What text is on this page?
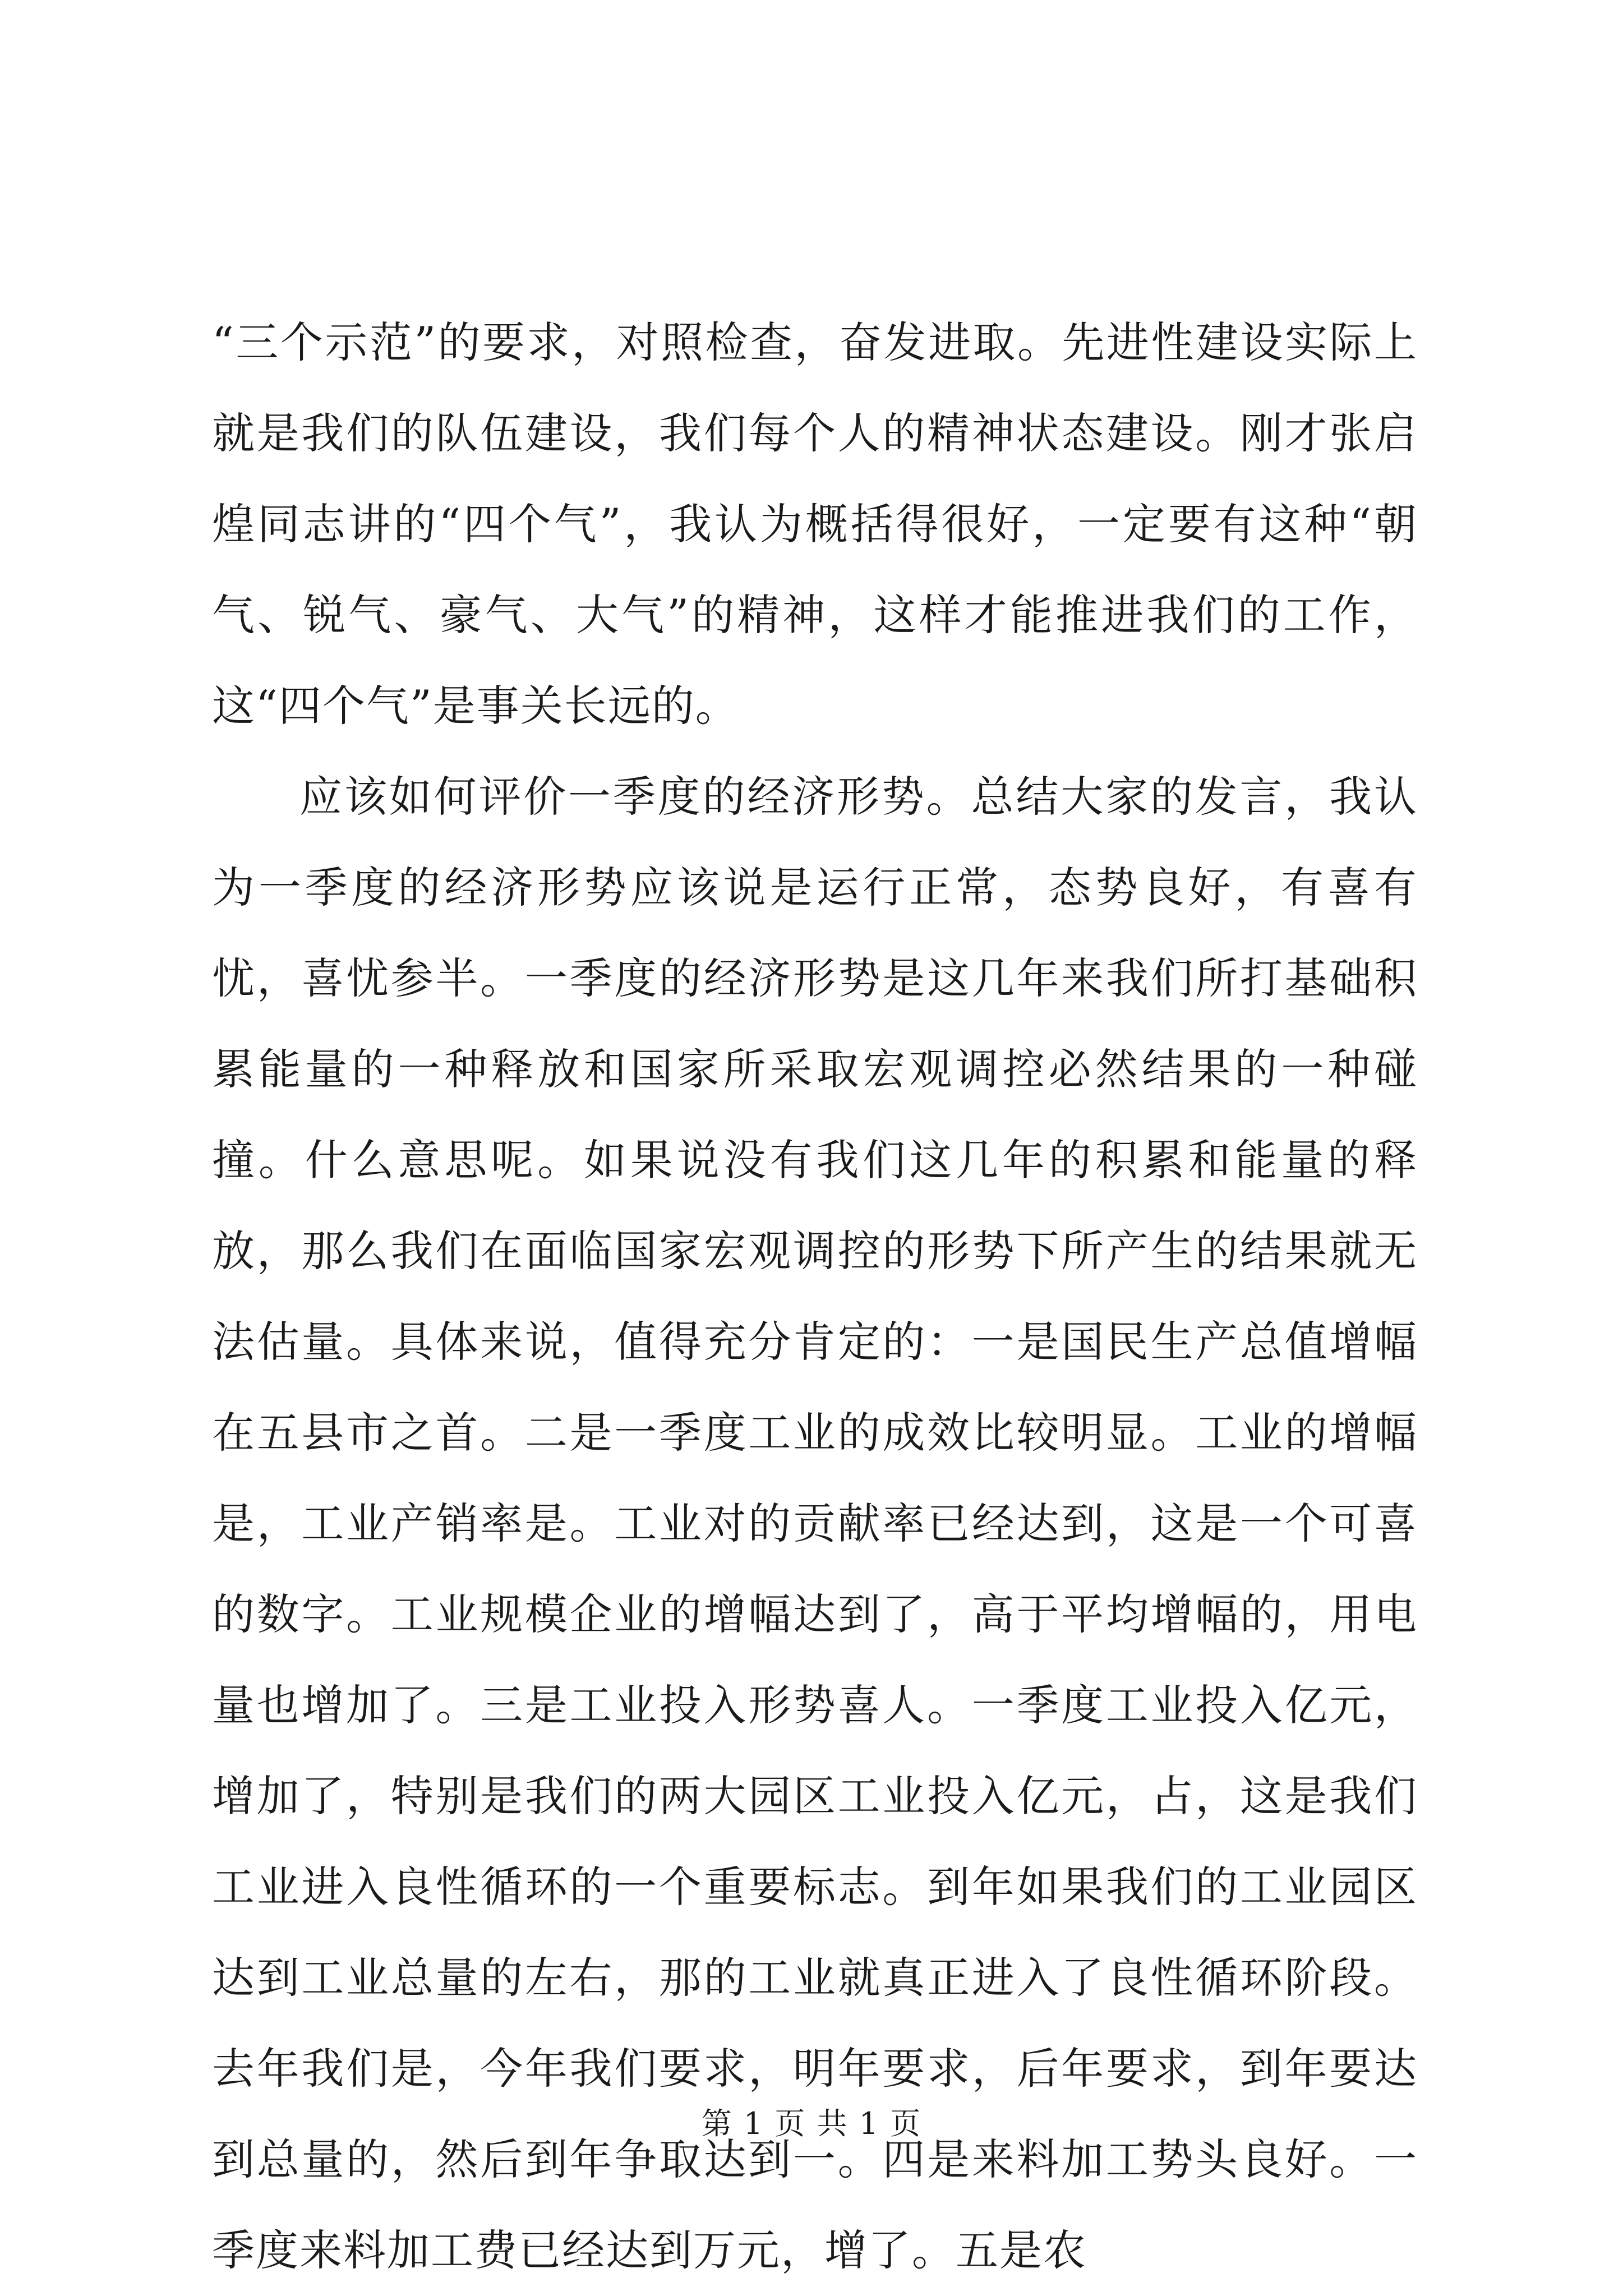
“三个示范”的要求，对照检查，奋发进取。先进性建设实际上就是我们的队伍建设，我们每个人的精神状态建设。刚才张启煌同志讲的“四个气”，我认为概括得很好，一定要有这种“朝气、锐气、豪气、大气”的精神，这样才能推进我们的工作，这“四个气”是事关长远的。

应该如何评价一季度的经济形势。总结大家的发言，我认为一季度的经济形势应该说是运行正常，态势良好，有喜有忧，喜忧参半。一季度的经济形势是这几年来我们所打基础积累能量的一种释放和国家所采取宏观调控必然结果的一种碰撞。什么意思呢。如果说没有我们这几年的积累和能量的释放，那么我们在面临国家宏观调控的形势下所产生的结果就无法估量。具体来说，值得充分肯定的：一是国民生产总值增幅在五县市之首。二是一季度工业的成效比较明显。工业的增幅是，工业产销率是。工业对的贡献率已经达到，这是一个可喜的数字。工业规模企业的增幅达到了，高于平均增幅的，用电量也增加了。三是工业投入形势喜人。一季度工业投入亿元，增加了，特别是我们的两大园区工业投入亿元，占，这是我们工业进入良性循环的一个重要标志。到年如果我们的工业园区达到工业总量的左右，那的工业就真正进入了良性循环阶段。去年我们是，今年我们要求，明年要求，后年要求，到年要达到总量的，然后到年争取达到一。四是来料加工势头良好。一季度来料加工费已经达到万元，增了。五是农

第 1 页 共 1 页
